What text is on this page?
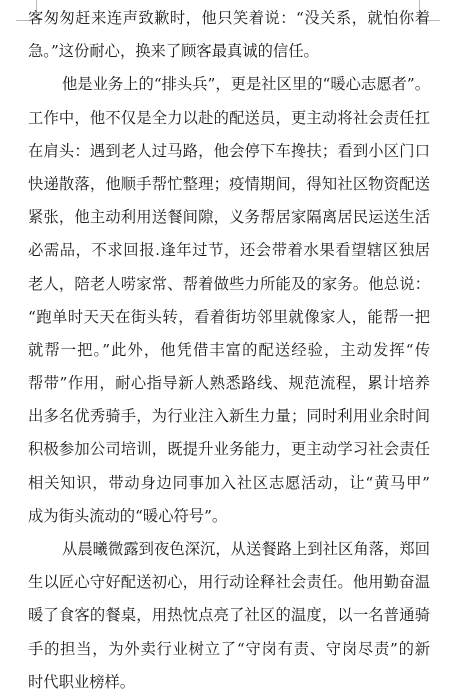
客匆匆赶来连声致歉时，他只笑着说：“没关系，就怕你着
急。”这份耐心，换来了顾客最真诚的信任。
他是业务上的“排头兵”，更是社区里的“暖心志愿者”。
工作中，他不仅是全力以赴的配送员，更主动将社会责任扛
在肩头：遇到老人过马路，他会停下车搀扶；看到小区门口
快递散落，他顺手帮忙整理；疫情期间，得知社区物资配送
紧张，他主动利用送餐间隙，义务帮居家隔离居民运送生活
必需品，不求回报.逢年过节，还会带着水果看望辖区独居
老人，陪老人唠家常、帮着做些力所能及的家务。他总说：
“跑单时天天在街头转，看着街坊邻里就像家人，能帮一把
就帮一把。”此外，他凭借丰富的配送经验，主动发挥“传
帮带”作用，耐心指导新人熟悉路线、规范流程，累计培养
出多名优秀骑手，为行业注入新生力量；同时利用业余时间
积极参加公司培训，既提升业务能力，更主动学习社会责任
相关知识，带动身边同事加入社区志愿活动，让“黄马甲”
成为街头流动的“暖心符号”。
从晨曦微露到夜色深沉，从送餐路上到社区角落，郑回
生以匠心守好配送初心，用行动诠释社会责任。他用勤奋温
暖了食客的餐桌，用热忱点亮了社区的温度，以一名普通骑
手的担当，为外卖行业树立了“守岗有责、守岗尽责”的新
时代职业榜样。
